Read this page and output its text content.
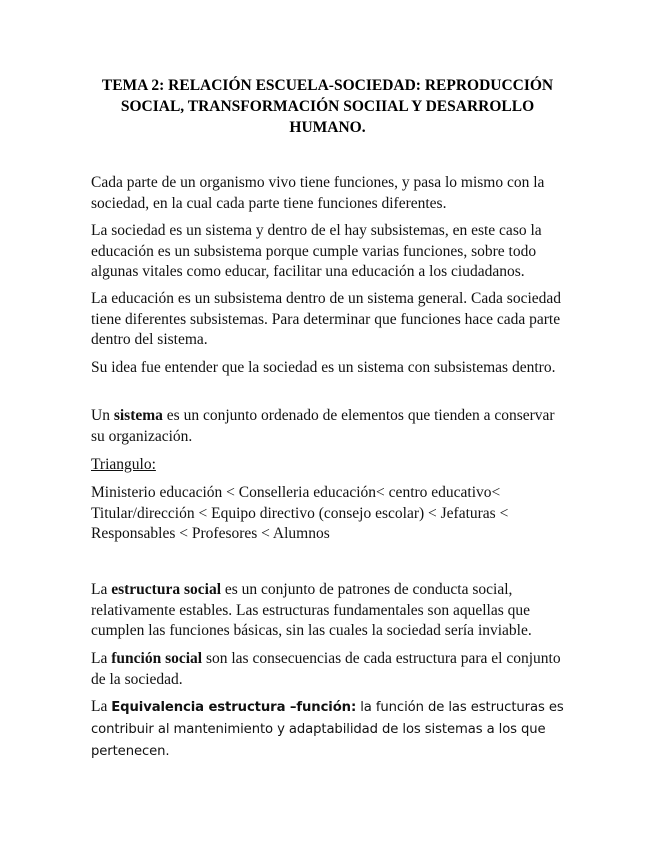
TEMA 2: RELACIÓN ESCUELA-SOCIEDAD: REPRODUCCIÓN
SOCIAL, TRANSFORMACIÓN SOCIIAL Y DESARROLLO
HUMANO.

Cada parte de un organismo vivo tiene funciones, y pasa lo mismo con la sociedad, en la cual cada parte tiene funciones diferentes.

La sociedad es un sistema y dentro de el hay subsistemas, en este caso la educación es un subsistema porque cumple varias funciones, sobre todo algunas vitales como educar, facilitar una educación a los ciudadanos.

La educación es un subsistema dentro de un sistema general. Cada sociedad tiene diferentes subsistemas. Para determinar que funciones hace cada parte dentro del sistema.

Su idea fue entender que la sociedad es un sistema con subsistemas dentro.

Un sistema es un conjunto ordenado de elementos que tienden a conservar su organización.

Triangulo:

Ministerio educación < Conselleria educación< centro educativo< Titular/dirección < Equipo directivo (consejo escolar) < Jefaturas < Responsables < Profesores < Alumnos

La estructura social es un conjunto de patrones de conducta social, relativamente estables. Las estructuras fundamentales son aquellas que cumplen las funciones básicas, sin las cuales la sociedad sería inviable.

La función social son las consecuencias de cada estructura para el conjunto de la sociedad.

La Equivalencia estructura –función: la función de las estructuras es contribuir al mantenimiento y adaptabilidad de los sistemas a los que pertenecen.
